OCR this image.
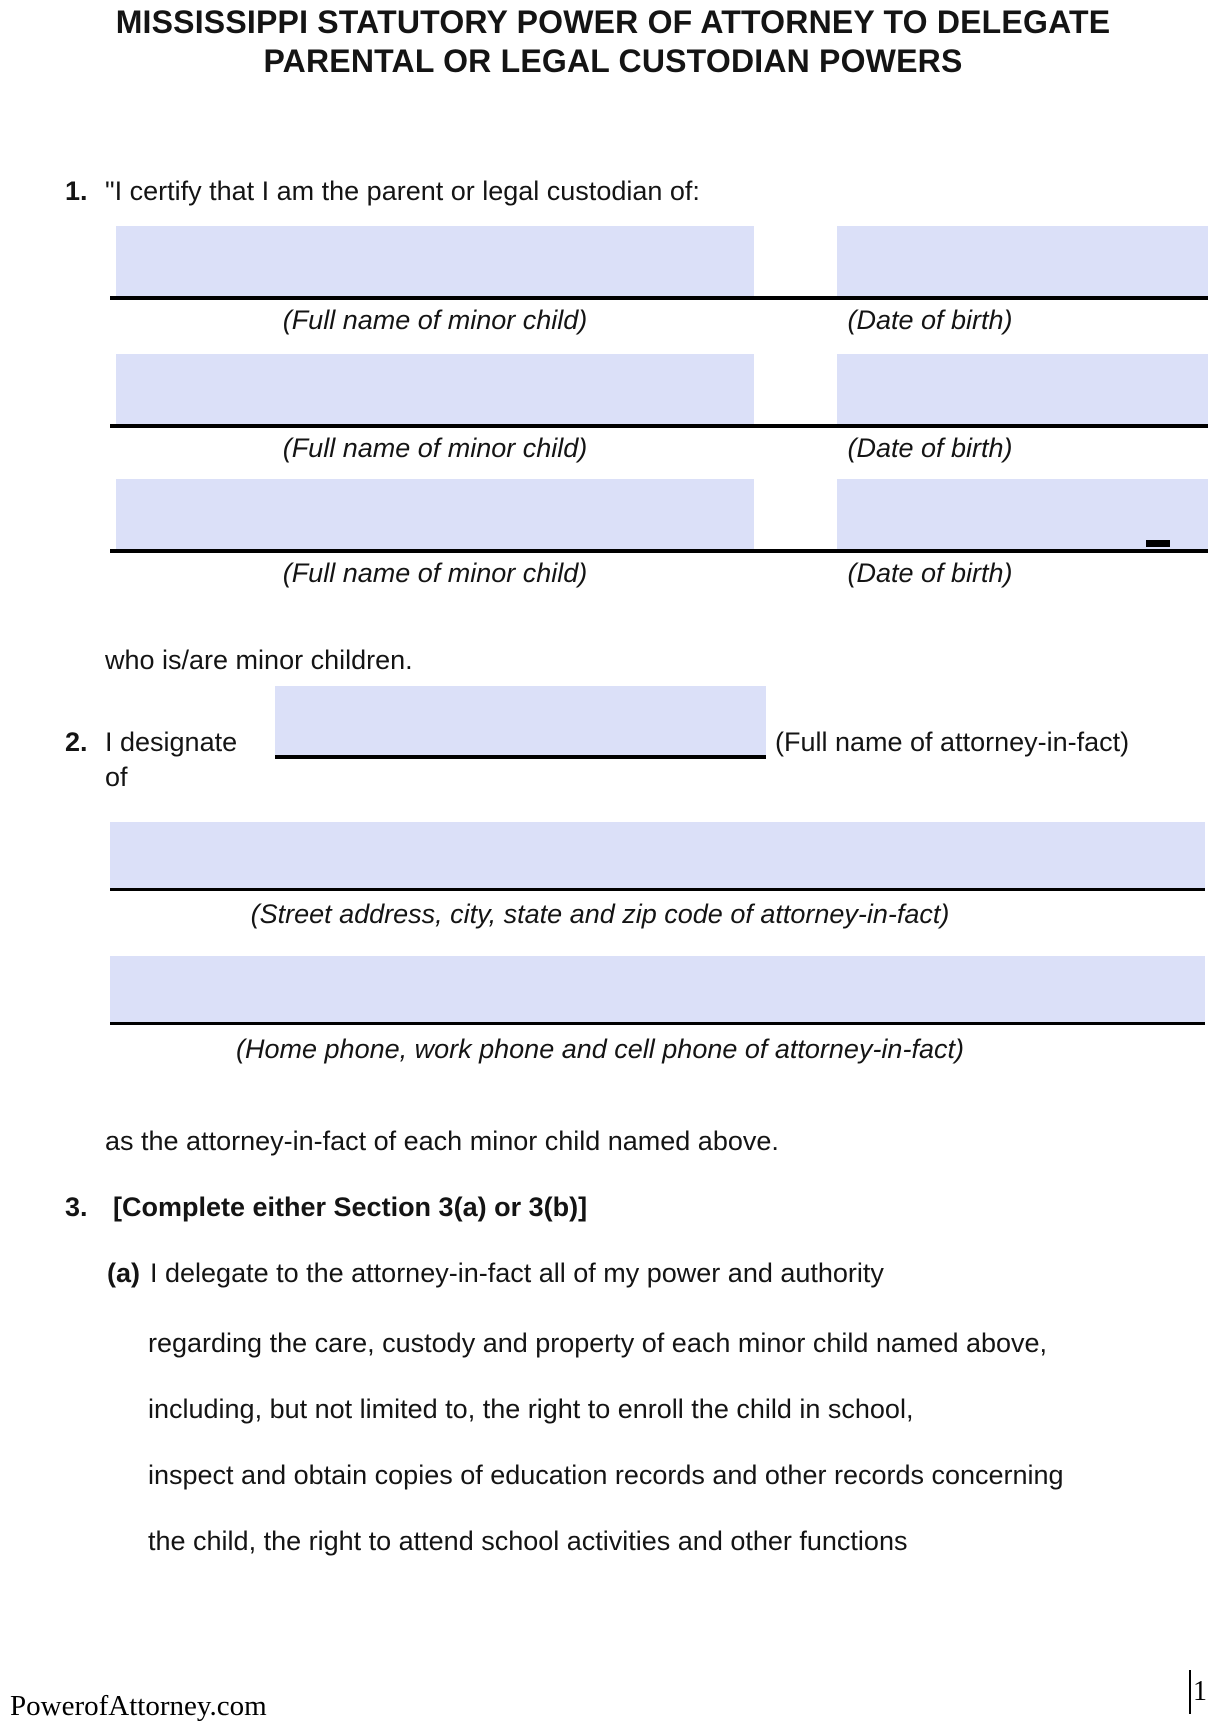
MISSISSIPPI STATUTORY POWER OF ATTORNEY TO DELEGATE
PARENTAL OR LEGAL CUSTODIAN POWERS
1. "I certify that I am the parent or legal custodian of:
(Full name of minor child)	(Date of birth)
(Full name of minor child)	(Date of birth)
(Full name of minor child)	(Date of birth)
who is/are minor children.
2. I designate	(Full name of attorney-in-fact)
of
(Street address, city, state and zip code of attorney-in-fact)
(Home phone, work phone and cell phone of attorney-in-fact)
as the attorney-in-fact of each minor child named above.
3. [Complete either Section 3(a) or 3(b)]
(a) I delegate to the attorney-in-fact all of my power and authority
regarding the care, custody and property of each minor child named above,
including, but not limited to, the right to enroll the child in school,
inspect and obtain copies of education records and other records concerning
the child, the right to attend school activities and other functions
PowerofAttorney.com	1
